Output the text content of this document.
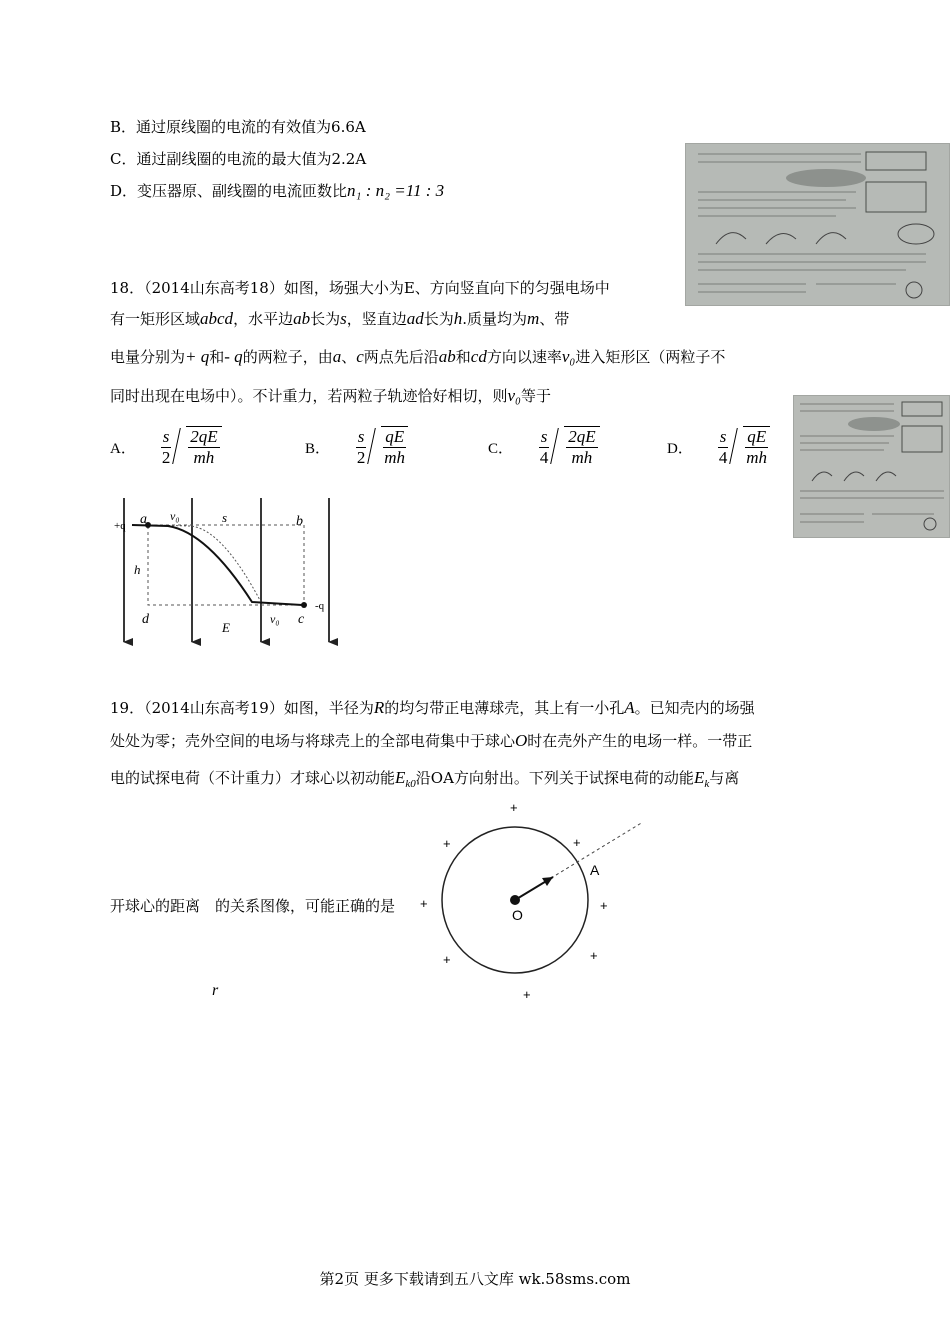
B．通过原线圈的电流的有效值为6.6A
C．通过副线圈的电流的最大值为2.2A
D．变压器原、副线圈的电流匝数比n₁ : n₂ =11 : 3
18．（2014山东高考18）如图，场强大小为E、方向竖直向下的匀强电场中
有一矩形区域abcd，水平边ab长为s，竖直边ad长为h.质量均为m、带
电量分别为+ q和- q的两粒子，由a、c两点先后沿ab和cd方向以速率v₀进入矩形区（两粒子不
同时出现在电场中）。不计重力，若两粒子轨迹恰好相切，则v₀等于
A． $\frac{s}{2}$
$\frac{2qE}{mh}$	B． $\frac{s}{2}$
$\frac{qE}{mh}$	C． $\frac{s}{4}$
$\frac{2qE}{mh}$	D． $\frac{s}{4}$
$\frac{qE}{mh}$
a	b
c
d
s
h
E
v₀
v₀
+q
-q
19．（2014山东高考19）如图，半径为R的均匀带正电薄球壳，其上有一小孔A。已知壳内的场强
处处为零；壳外空间的电场与将球壳上的全部电荷集中于球心O时在壳外产生的电场一样。一带正
电的试探电荷（不计重力）才球心以初动能$E_{k0}$沿OA方向射出。下列关于试探电荷的动能$E_k$与离
开球心的距离　的关系图像，可能正确的是
r
O
A
+
+	+
+	+
+	+
+
第2页 更多下载请到五八文库 wk.58sms.com
